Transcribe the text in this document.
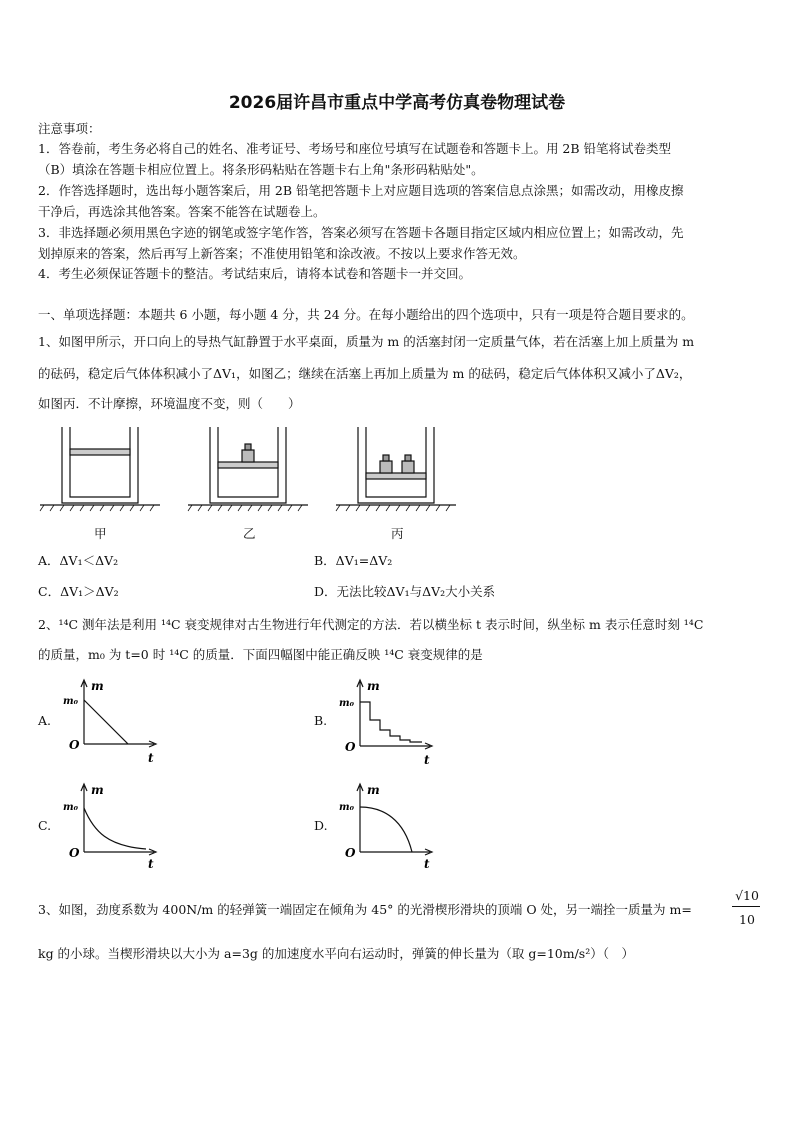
2026届许昌市重点中学高考仿真卷物理试卷
注意事项：
1．答卷前，考生务必将自己的姓名、准考证号、考场号和座位号填写在试题卷和答题卡上。用 2B 铅笔将试卷类型
（B）填涂在答题卡相应位置上。将条形码粘贴在答题卡右上角"条形码粘贴处"。
2．作答选择题时，选出每小题答案后，用 2B 铅笔把答题卡上对应题目选项的答案信息点涂黑；如需改动，用橡皮擦
干净后，再选涂其他答案。答案不能答在试题卷上。
3．非选择题必须用黑色字迹的钢笔或签字笔作答，答案必须写在答题卡各题目指定区域内相应位置上；如需改动，先
划掉原来的答案，然后再写上新答案；不准使用铅笔和涂改液。不按以上要求作答无效。
4．考生必须保证答题卡的整洁。考试结束后，请将本试卷和答题卡一并交回。
一、单项选择题：本题共 6 小题，每小题 4 分，共 24 分。在每小题给出的四个选项中，只有一项是符合题目要求的。
1、如图甲所示，开口向上的导热气缸静置于水平桌面，质量为 m 的活塞封闭一定质量气体，若在活塞上加上质量为 m
的砝码，稳定后气体体积减小了ΔV₁，如图乙；继续在活塞上再加上质量为 m 的砝码，稳定后气体体积又减小了ΔV₂，
如图丙．不计摩擦，环境温度不变，则（　　）
甲	乙	丙
A．ΔV₁＜ΔV₂	B．ΔV₁=ΔV₂
C．ΔV₁＞ΔV₂	D．无法比较ΔV₁与ΔV₂大小关系
2、¹⁴C 测年法是利用 ¹⁴C 衰变规律对古生物进行年代测定的方法．若以横坐标 t 表示时间，纵坐标 m 表示任意时刻 ¹⁴C
的质量，m₀ 为 t=0 时 ¹⁴C 的质量．下面四幅图中能正确反映 ¹⁴C 衰变规律的是
A.	B.
C.	D.
m
m₀
O
t
m
m₀
O
t
m
m₀
O
t
m
m₀
O
t
3、如图，劲度系数为 400N/m 的轻弹簧一端固定在倾角为 45° 的光滑楔形滑块的顶端 O 处，另一端拴一质量为 m=
√10
10
kg 的小球。当楔形滑块以大小为 a=3g 的加速度水平向右运动时，弹簧的伸长量为（取 g=10m/s²）（　）
